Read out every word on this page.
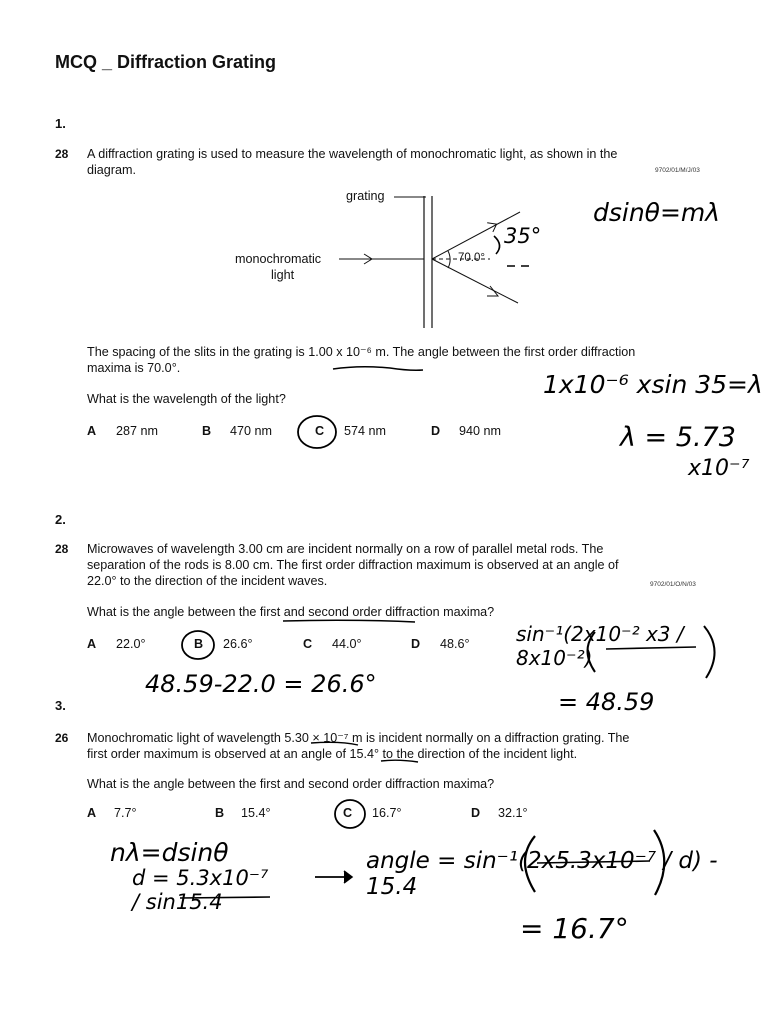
MCQ _ Diffraction Grating
1.
28 A diffraction grating is used to measure the wavelength of monochromatic light, as shown in the
diagram.	9702/01/M/J/03
grating
monochromatic
light
70.0°
The spacing of the slits in the grating is 1.00 x 10⁻⁶ m. The angle between the first order diffraction
maxima is 70.0°.
What is the wavelength of the light?
A 287 nm	B 470 nm	C 574 nm	D 940 nm
dsinθ=mλ
35°
1x10⁻⁶ xsin 35=λ
λ = 5.73
x10⁻⁷
2.
28 Microwaves of wavelength 3.00 cm are incident normally on a row of parallel metal rods. The
separation of the rods is 8.00 cm. The first order diffraction maximum is observed at an angle of
22.0° to the direction of the incident waves.	9702/01/O/N/03
What is the angle between the first and second order diffraction maxima?
A 22.0°	B 26.6°	C 44.0°	D 48.6° sin⁻¹(2x10⁻² x3 / 8x10⁻²)
= 48.59
48.59-22.0 = 26.6°
3.
26 Monochromatic light of wavelength 5.30 × 10⁻⁷ m is incident normally on a diffraction grating. The
first order maximum is observed at an angle of 15.4° to the direction of the incident light.
What is the angle between the first and second order diffraction maxima?
A 7.7°	B 15.4°	C 16.7°	D 32.1°
nλ=dsinθ
d = 5.3x10⁻⁷ / sin15.4
angle = sin⁻¹(2x5.3x10⁻⁷ / d) - 15.4
= 16.7°
